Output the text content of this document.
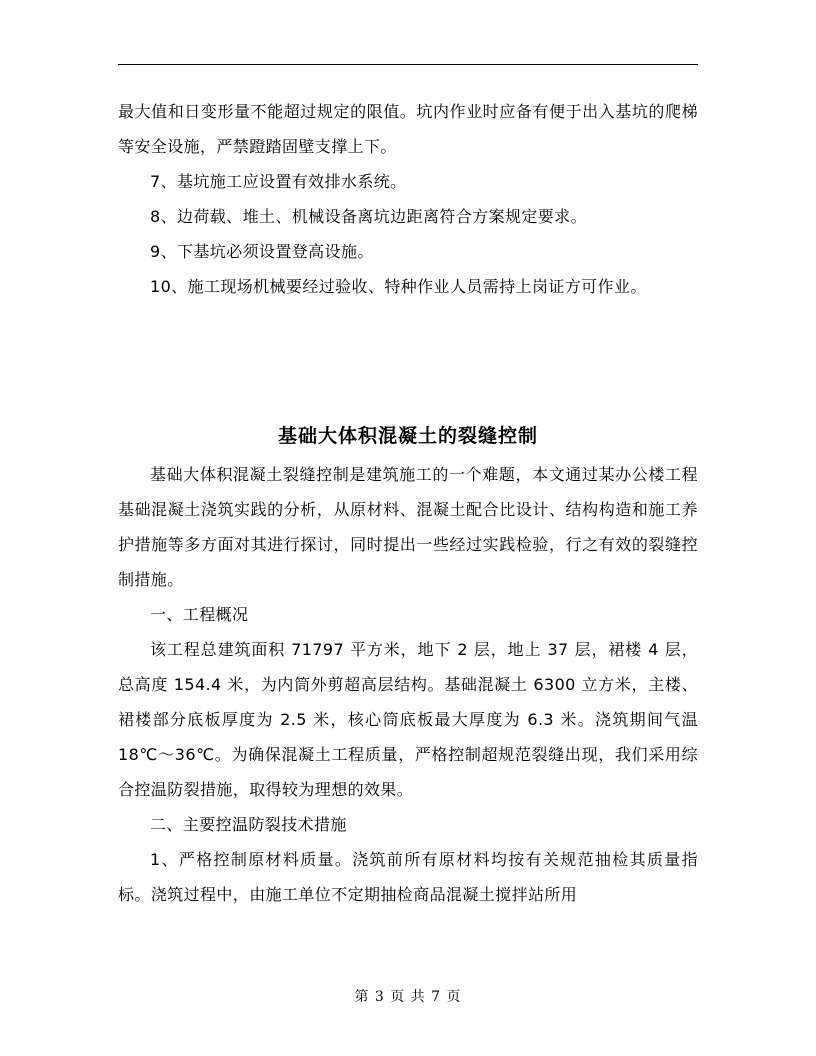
最大值和日变形量不能超过规定的限值。坑内作业时应备有便于出入基坑的爬梯等安全设施，严禁蹬踏固壁支撑上下。

7、基坑施工应设置有效排水系统。

8、边荷载、堆土、机械设备离坑边距离符合方案规定要求。

9、下基坑必须设置登高设施。

10、施工现场机械要经过验收、特种作业人员需持上岗证方可作业。

基础大体积混凝土的裂缝控制

基础大体积混凝土裂缝控制是建筑施工的一个难题，本文通过某办公楼工程基础混凝土浇筑实践的分析，从原材料、混凝土配合比设计、结构构造和施工养护措施等多方面对其进行探讨，同时提出一些经过实践检验，行之有效的裂缝控制措施。

一、工程概况

该工程总建筑面积 71797 平方米，地下 2 层，地上 37 层，裙楼 4 层，总高度 154.4 米，为内筒外剪超高层结构。基础混凝土 6300 立方米，主楼、裙楼部分底板厚度为 2.5 米，核心筒底板最大厚度为 6.3 米。浇筑期间气温 18℃～36℃。为确保混凝土工程质量，严格控制超规范裂缝出现，我们采用综合控温防裂措施，取得较为理想的效果。

二、主要控温防裂技术措施

1、严格控制原材料质量。浇筑前所有原材料均按有关规范抽检其质量指标。浇筑过程中，由施工单位不定期抽检商品混凝土搅拌站所用

第 3 页 共 7 页
